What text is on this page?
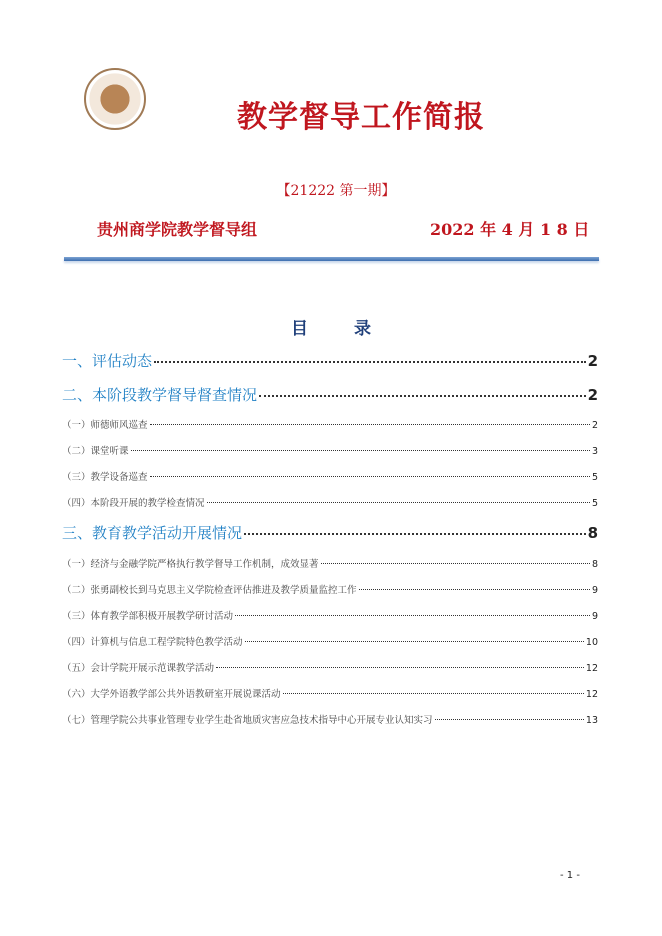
教学督导工作简报
【21222 第一期】
贵州商学院教学督导组	2022 年 4 月 1 8 日
目 录
一、评估动态	2
二、本阶段教学督导督查情况	2
（一）师德师风巡查	2
（二）课堂听课	3
（三）教学设备巡查	5
（四）本阶段开展的教学检查情况	5
三、教育教学活动开展情况	8
（一）经济与金融学院严格执行教学督导工作机制，成效显著	8
（二）张勇副校长到马克思主义学院检查评估推进及教学质量监控工作	9
（三）体育教学部积极开展教学研讨活动	9
（四）计算机与信息工程学院特色教学活动	10
（五）会计学院开展示范课教学活动	12
（六）大学外语教学部公共外语教研室开展说课活动	12
（七）管理学院公共事业管理专业学生赴省地质灾害应急技术指导中心开展专业认知实习	13
- 1 -
